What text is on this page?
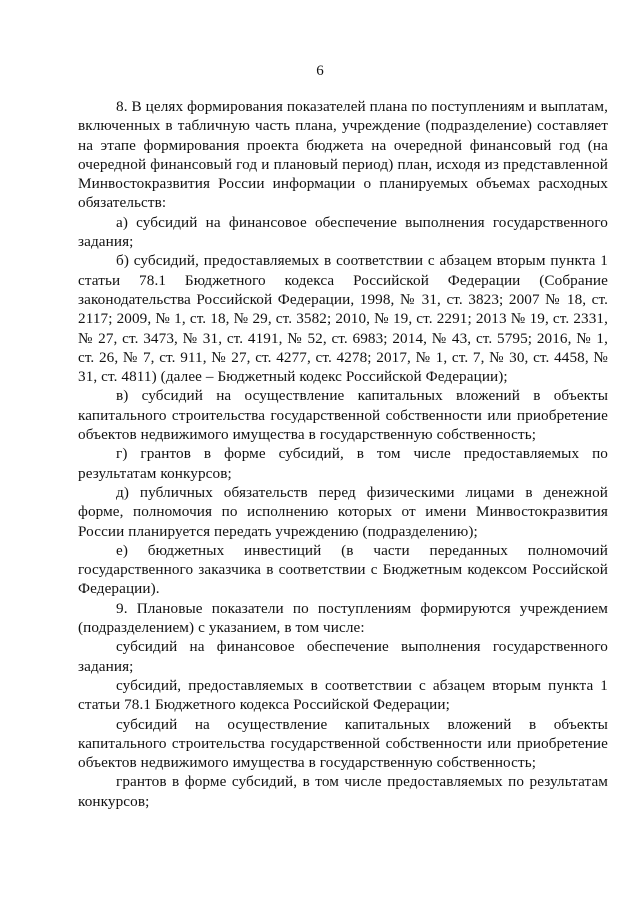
6

8. В целях формирования показателей плана по поступлениям и выплатам, включенных в табличную часть плана, учреждение (подразделение) составляет на этапе формирования проекта бюджета на очередной финансовый год (на очередной финансовый год и плановый период) план, исходя из представленной Минвостокразвития России информации о планируемых объемах расходных обязательств:

а) субсидий на финансовое обеспечение выполнения государственного задания;

б) субсидий, предоставляемых в соответствии с абзацем вторым пункта 1 статьи 78.1 Бюджетного кодекса Российской Федерации (Собрание законодательства Российской Федерации, 1998, № 31, ст. 3823; 2007 № 18, ст. 2117; 2009, № 1, ст. 18, № 29, ст. 3582; 2010, № 19, ст. 2291; 2013 № 19, ст. 2331, № 27, ст. 3473, № 31, ст. 4191, № 52, ст. 6983; 2014, № 43, ст. 5795; 2016, № 1, ст. 26, № 7, ст. 911, № 27, ст. 4277, ст. 4278; 2017, № 1, ст. 7, № 30, ст. 4458, № 31, ст. 4811) (далее – Бюджетный кодекс Российской Федерации);

в) субсидий на осуществление капитальных вложений в объекты капитального строительства государственной собственности или приобретение объектов недвижимого имущества в государственную собственность;

г) грантов в форме субсидий, в том числе предоставляемых по результатам конкурсов;

д) публичных обязательств перед физическими лицами в денежной форме, полномочия по исполнению которых от имени Минвостокразвития России планируется передать учреждению (подразделению);

е) бюджетных инвестиций (в части переданных полномочий государственного заказчика в соответствии с Бюджетным кодексом Российской Федерации).

9. Плановые показатели по поступлениям формируются учреждением (подразделением) с указанием, в том числе:

субсидий на финансовое обеспечение выполнения государственного задания;

субсидий, предоставляемых в соответствии с абзацем вторым пункта 1 статьи 78.1 Бюджетного кодекса Российской Федерации;

субсидий на осуществление капитальных вложений в объекты капитального строительства государственной собственности или приобретение объектов недвижимого имущества в государственную собственность;

грантов в форме субсидий, в том числе предоставляемых по результатам конкурсов;
